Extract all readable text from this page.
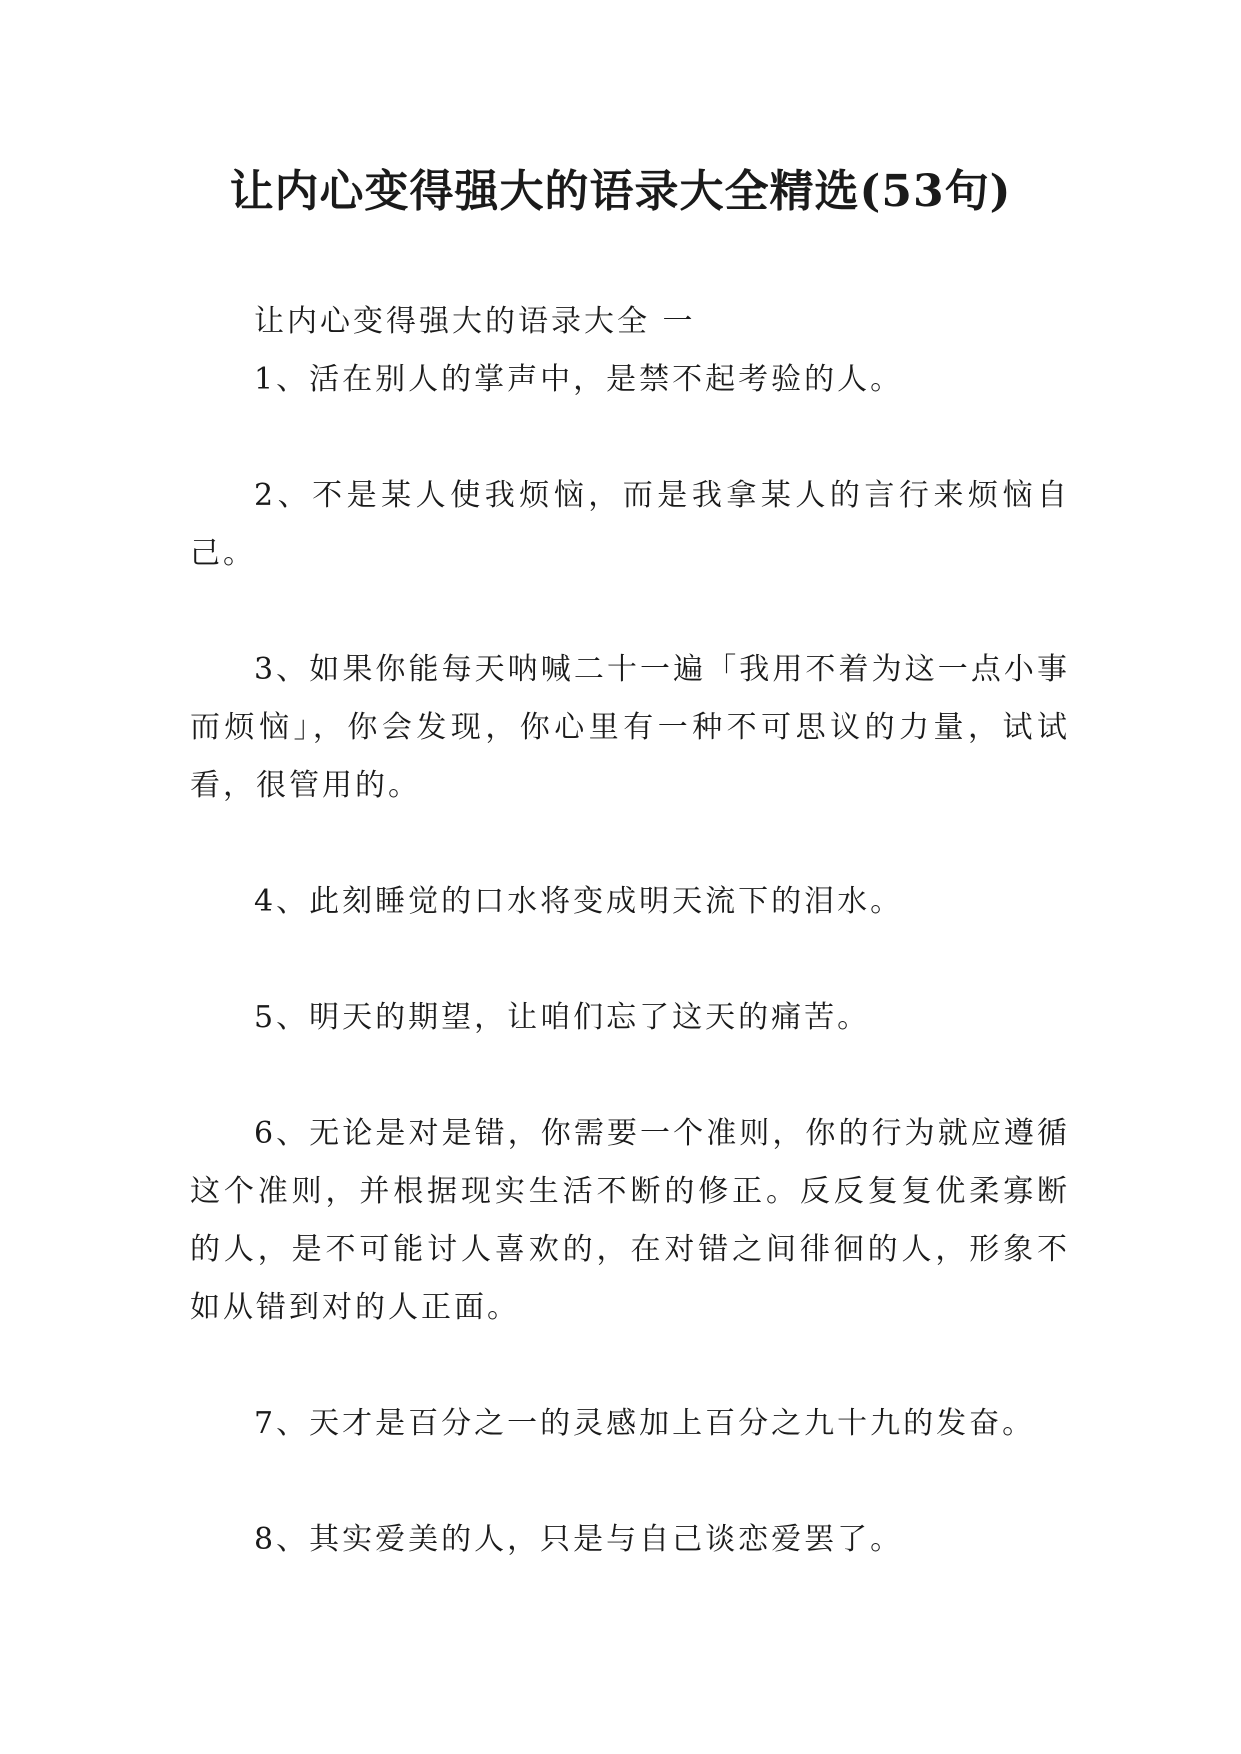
让内心变得强大的语录大全精选(53句)

让内心变得强大的语录大全 一

1、活在别人的掌声中，是禁不起考验的人。

2、不是某人使我烦恼，而是我拿某人的言行来烦恼自己。

3、如果你能每天呐喊二十一遍「我用不着为这一点小事而烦恼」，你会发现，你心里有一种不可思议的力量，试试看，很管用的。

4、此刻睡觉的口水将变成明天流下的泪水。

5、明天的期望，让咱们忘了这天的痛苦。

6、无论是对是错，你需要一个准则，你的行为就应遵循这个准则，并根据现实生活不断的修正。反反复复优柔寡断的人，是不可能讨人喜欢的，在对错之间徘徊的人，形象不如从错到对的人正面。

7、天才是百分之一的灵感加上百分之九十九的发奋。

8、其实爱美的人，只是与自己谈恋爱罢了。
